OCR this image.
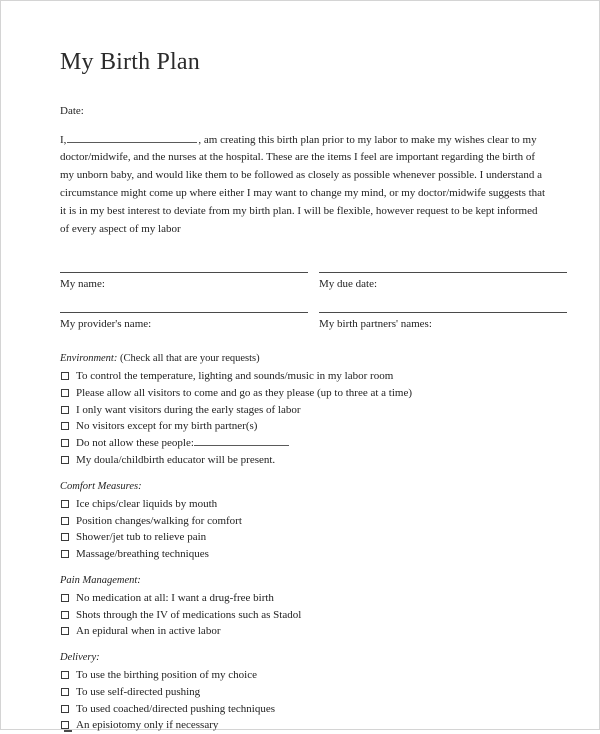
My Birth Plan
Date:

I,	, am creating this birth plan prior to my labor to make my wishes clear to my doctor/midwife, and the nurses at the hospital. These are the items I feel are important regarding the birth of my unborn baby, and would like them to be followed as closely as possible whenever possible. I understand a circumstance might come up where either I may want to change my mind, or my doctor/midwife suggests that it is in my best interest to deviate from my birth plan. I will be flexible, however request to be kept informed of every aspect of my labor

My name:	My due date:
My provider's name:	My birth partners' names:
Environment: (Check all that are your requests)
To control the temperature, lighting and sounds/music in my labor room
Please allow all visitors to come and go as they please (up to three at a time)
I only want visitors during the early stages of labor
No visitors except for my birth partner(s)
Do not allow these people:
My doula/childbirth educator will be present.
Comfort Measures:
Ice chips/clear liquids by mouth
Position changes/walking for comfort
Shower/jet tub to relieve pain
Massage/breathing techniques
Pain Management:
No medication at all: I want a drug-free birth
Shots through the IV of medications such as Stadol
An epidural when in active labor
Delivery:
To use the birthing position of my choice
To use self-directed pushing
To used coached/directed pushing techniques
An episiotomy only if necessary
